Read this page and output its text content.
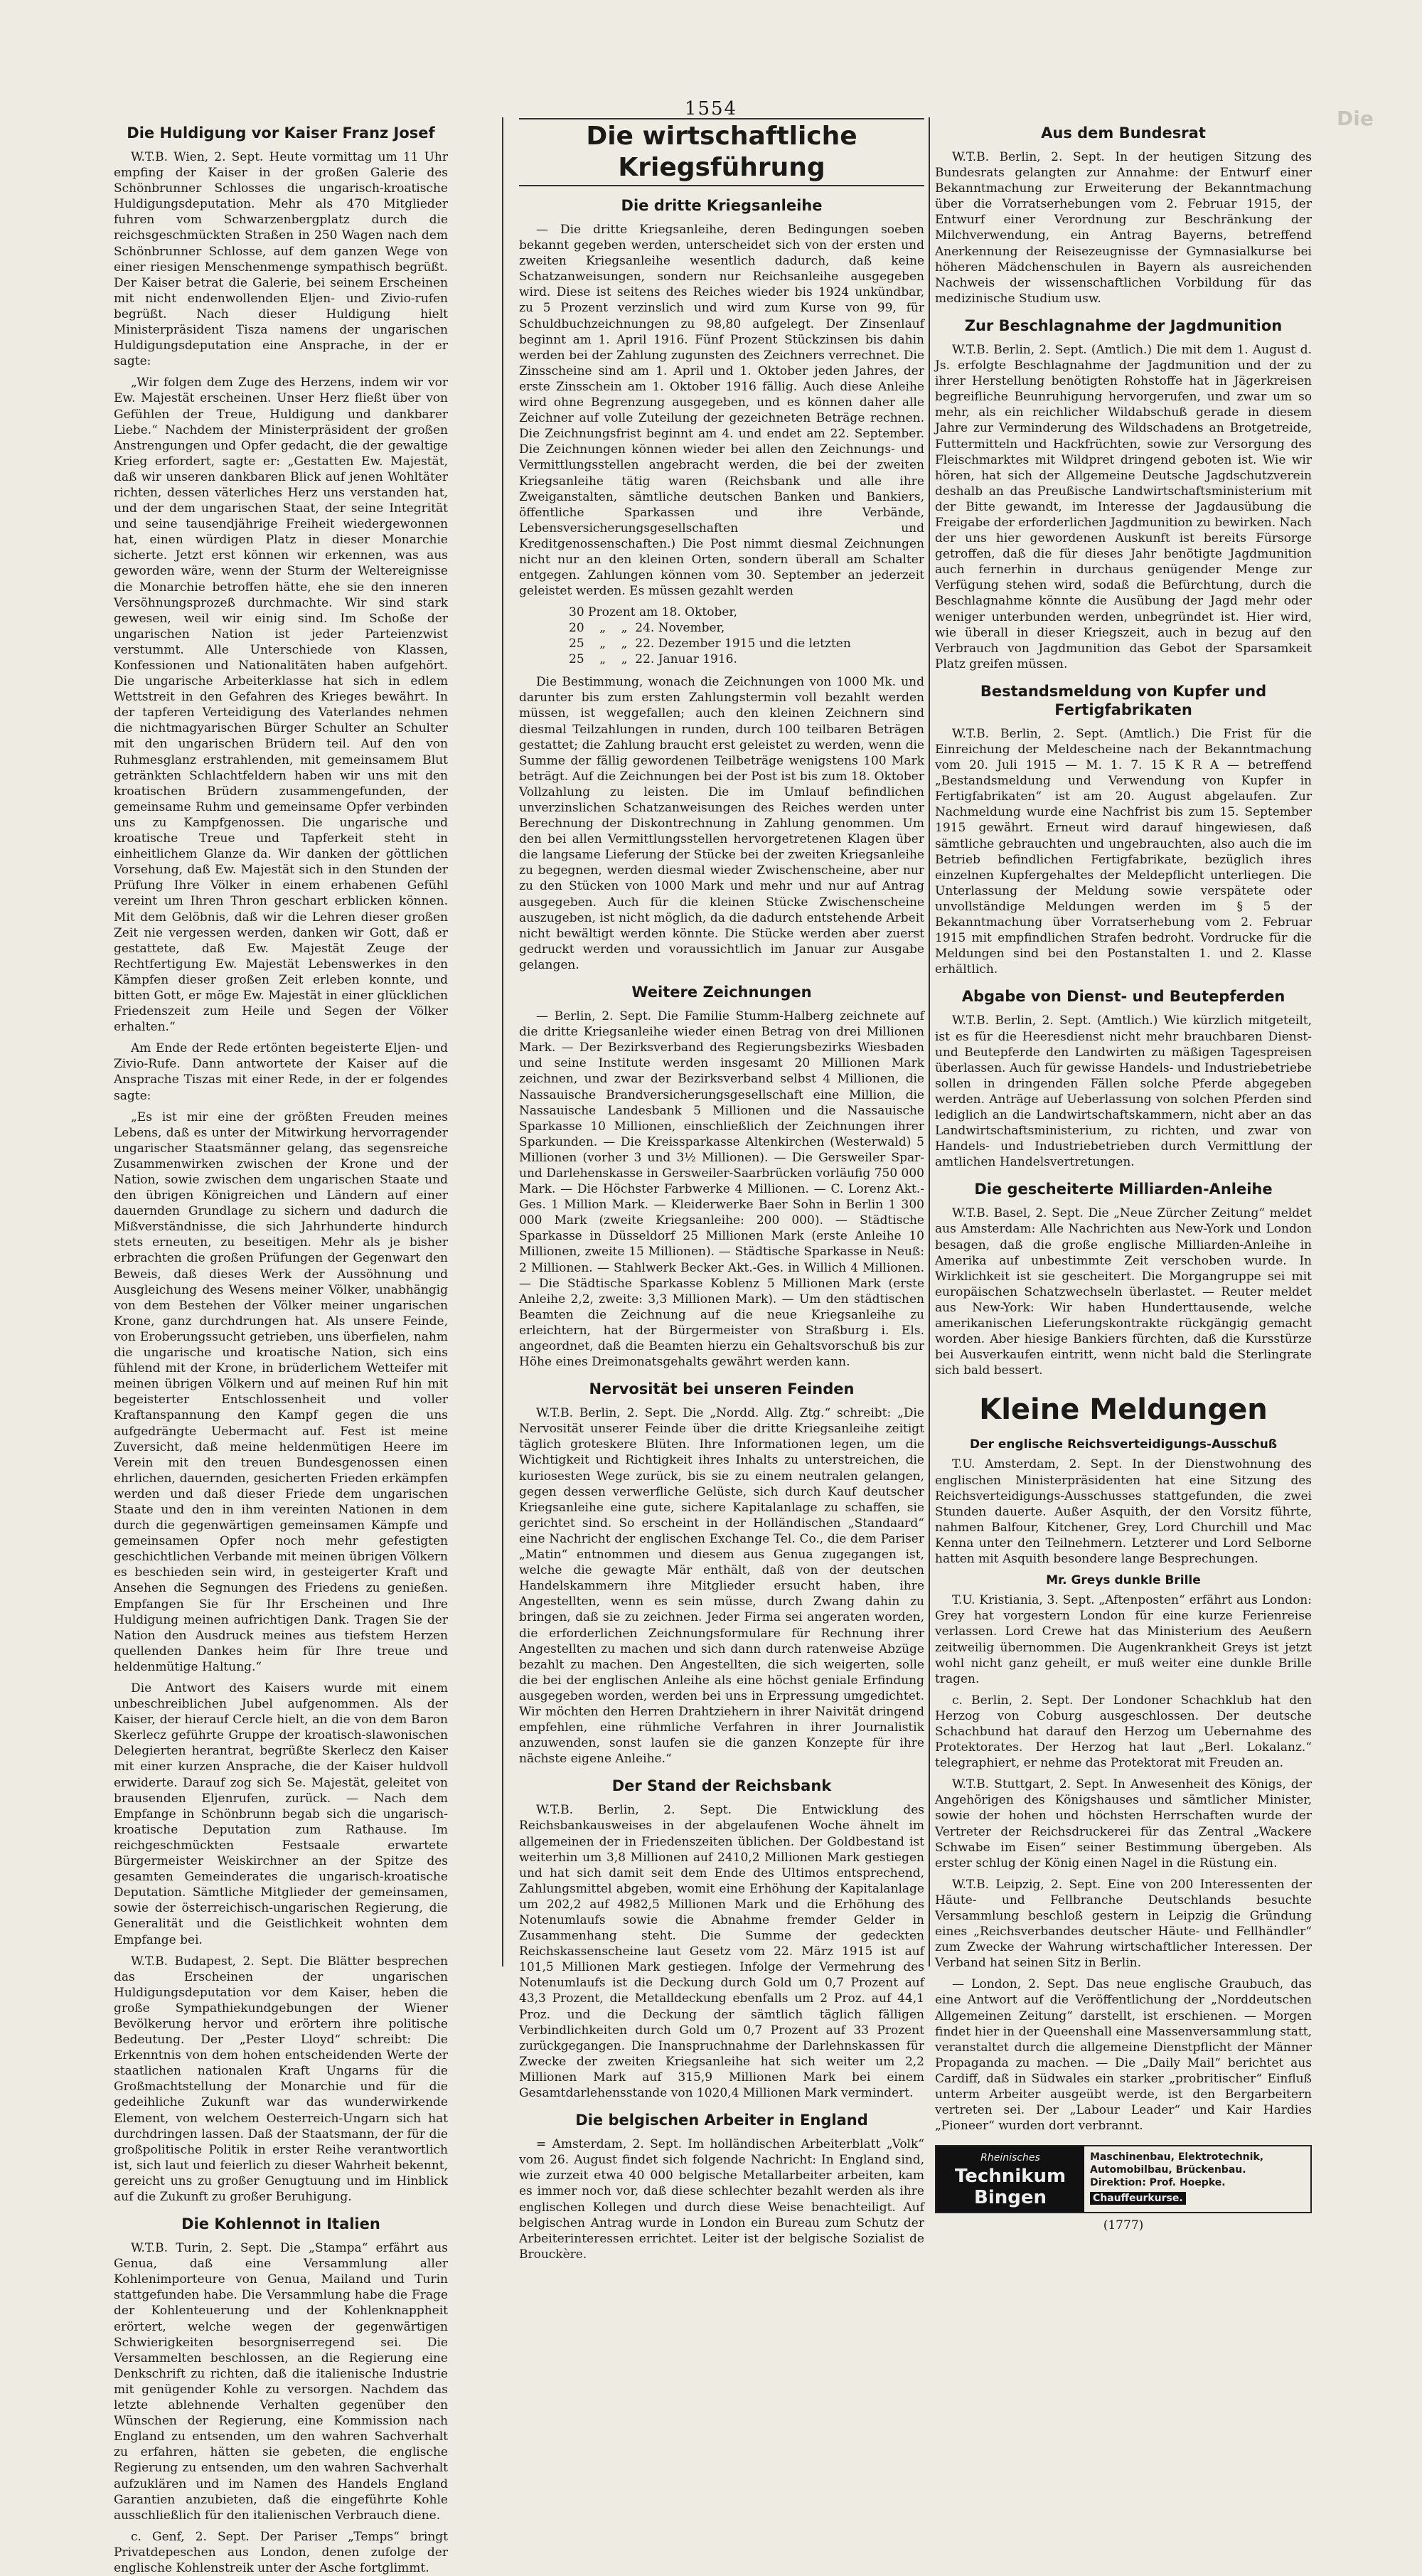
Die
1554
Die Huldigung vor Kaiser Franz Josef

W.T.B. Wien, 2. Sept. Heute vormittag um 11 Uhr empfing der Kaiser in der großen Galerie des Schönbrunner Schlosses die ungarisch-kroatische Huldigungsdeputation. Mehr als 470 Mitglieder fuhren vom Schwarzenbergplatz durch die reichsgeschmückten Straßen in 250 Wagen nach dem Schönbrunner Schlosse, auf dem ganzen Wege von einer riesigen Menschenmenge sympathisch begrüßt. Der Kaiser betrat die Galerie, bei seinem Erscheinen mit nicht endenwollenden Eljen- und Zivio-rufen begrüßt. Nach dieser Huldigung hielt Ministerpräsident Tisza namens der ungarischen Huldigungsdeputation eine Ansprache, in der er sagte:

„Wir folgen dem Zuge des Herzens, indem wir vor Ew. Majestät erscheinen. Unser Herz fließt über von Gefühlen der Treue, Huldigung und dankbarer Liebe.“ Nachdem der Ministerpräsident der großen Anstrengungen und Opfer gedacht, die der gewaltige Krieg erfordert, sagte er: „Gestatten Ew. Majestät, daß wir unseren dankbaren Blick auf jenen Wohltäter richten, dessen väterliches Herz uns verstanden hat, und der dem ungarischen Staat, der seine Integrität und seine tausendjährige Freiheit wiedergewonnen hat, einen würdigen Platz in dieser Monarchie sicherte. Jetzt erst können wir erkennen, was aus geworden wäre, wenn der Sturm der Weltereignisse die Monarchie betroffen hätte, ehe sie den inneren Versöhnungsprozeß durchmachte. Wir sind stark gewesen, weil wir einig sind. Im Schoße der ungarischen Nation ist jeder Parteienzwist verstummt. Alle Unterschiede von Klassen, Konfessionen und Nationalitäten haben aufgehört. Die ungarische Arbeiterklasse hat sich in edlem Wettstreit in den Gefahren des Krieges bewährt. In der tapferen Verteidigung des Vaterlandes nehmen die nichtmagyarischen Bürger Schulter an Schulter mit den ungarischen Brüdern teil. Auf den von Ruhmesglanz erstrahlenden, mit gemeinsamem Blut getränkten Schlachtfeldern haben wir uns mit den kroatischen Brüdern zusammengefunden, der gemeinsame Ruhm und gemeinsame Opfer verbinden uns zu Kampfgenossen. Die ungarische und kroatische Treue und Tapferkeit steht in einheitlichem Glanze da. Wir danken der göttlichen Vorsehung, daß Ew. Majestät sich in den Stunden der Prüfung Ihre Völker in einem erhabenen Gefühl vereint um Ihren Thron geschart erblicken können. Mit dem Gelöbnis, daß wir die Lehren dieser großen Zeit nie vergessen werden, danken wir Gott, daß er gestattete, daß Ew. Majestät Zeuge der Rechtfertigung Ew. Majestät Lebenswerkes in den Kämpfen dieser großen Zeit erleben konnte, und bitten Gott, er möge Ew. Majestät in einer glücklichen Friedenszeit zum Heile und Segen der Völker erhalten.“

Am Ende der Rede ertönten begeisterte Eljen- und Zivio-Rufe. Dann antwortete der Kaiser auf die Ansprache Tiszas mit einer Rede, in der er folgendes sagte:

„Es ist mir eine der größten Freuden meines Lebens, daß es unter der Mitwirkung hervorragender ungarischer Staatsmänner gelang, das segensreiche Zusammenwirken zwischen der Krone und der Nation, sowie zwischen dem ungarischen Staate und den übrigen Königreichen und Ländern auf einer dauernden Grundlage zu sichern und dadurch die Mißverständnisse, die sich Jahrhunderte hindurch stets erneuten, zu beseitigen. Mehr als je bisher erbrachten die großen Prüfungen der Gegenwart den Beweis, daß dieses Werk der Aussöhnung und Ausgleichung des Wesens meiner Völker, unabhängig von dem Bestehen der Völker meiner ungarischen Krone, ganz durchdrungen hat. Als unsere Feinde, von Eroberungssucht getrieben, uns überfielen, nahm die ungarische und kroatische Nation, sich eins fühlend mit der Krone, in brüderlichem Wetteifer mit meinen übrigen Völkern und auf meinen Ruf hin mit begeisterter Entschlossenheit und voller Kraftanspannung den Kampf gegen die uns aufgedrängte Uebermacht auf. Fest ist meine Zuversicht, daß meine heldenmütigen Heere im Verein mit den treuen Bundesgenossen einen ehrlichen, dauernden, gesicherten Frieden erkämpfen werden und daß dieser Friede dem ungarischen Staate und den in ihm vereinten Nationen in dem durch die gegenwärtigen gemeinsamen Kämpfe und gemeinsamen Opfer noch mehr gefestigten geschichtlichen Verbande mit meinen übrigen Völkern es beschieden sein wird, in gesteigerter Kraft und Ansehen die Segnungen des Friedens zu genießen. Empfangen Sie für Ihr Erscheinen und Ihre Huldigung meinen aufrichtigen Dank. Tragen Sie der Nation den Ausdruck meines aus tiefstem Herzen quellenden Dankes heim für Ihre treue und heldenmütige Haltung.“

Die Antwort des Kaisers wurde mit einem unbeschreiblichen Jubel aufgenommen. Als der Kaiser, der hierauf Cercle hielt, an die von dem Baron Skerlecz geführte Gruppe der kroatisch-slawonischen Delegierten herantrat, begrüßte Skerlecz den Kaiser mit einer kurzen Ansprache, die der Kaiser huldvoll erwiderte. Darauf zog sich Se. Majestät, geleitet von brausenden Eljenrufen, zurück. — Nach dem Empfange in Schönbrunn begab sich die ungarisch-kroatische Deputation zum Rathause. Im reichgeschmückten Festsaale erwartete Bürgermeister Weiskirchner an der Spitze des gesamten Gemeinderates die ungarisch-kroatische Deputation. Sämtliche Mitglieder der gemeinsamen, sowie der österreichisch-ungarischen Regierung, die Generalität und die Geistlichkeit wohnten dem Empfange bei.

W.T.B. Budapest, 2. Sept. Die Blätter besprechen das Erscheinen der ungarischen Huldigungsdeputation vor dem Kaiser, heben die große Sympathiekundgebungen der Wiener Bevölkerung hervor und erörtern ihre politische Bedeutung. Der „Pester Lloyd“ schreibt: Die Erkenntnis von dem hohen entscheidenden Werte der staatlichen nationalen Kraft Ungarns für die Großmachtstellung der Monarchie und für die gedeihliche Zukunft war das wunderwirkende Element, von welchem Oesterreich-Ungarn sich hat durchdringen lassen. Daß der Staatsmann, der für die großpolitische Politik in erster Reihe verantwortlich ist, sich laut und feierlich zu dieser Wahrheit bekennt, gereicht uns zu großer Genugtuung und im Hinblick auf die Zukunft zu großer Beruhigung.

Die Kohlennot in Italien

W.T.B. Turin, 2. Sept. Die „Stampa“ erfährt aus Genua, daß eine Versammlung aller Kohlenimporteure von Genua, Mailand und Turin stattgefunden habe. Die Versammlung habe die Frage der Kohlenteuerung und der Kohlenknappheit erörtert, welche wegen der gegenwärtigen Schwierigkeiten besorgniserregend sei. Die Versammelten beschlossen, an die Regierung eine Denkschrift zu richten, daß die italienische Industrie mit genügender Kohle zu versorgen. Nachdem das letzte ablehnende Verhalten gegenüber den Wünschen der Regierung, eine Kommission nach England zu entsenden, um den wahren Sachverhalt zu erfahren, hätten sie gebeten, die englische Regierung zu entsenden, um den wahren Sachverhalt aufzuklären und im Namen des Handels England Garantien anzubieten, daß die eingeführte Kohle ausschließlich für den italienischen Verbrauch diene.

c. Genf, 2. Sept. Der Pariser „Temps“ bringt Privatdepeschen aus London, denen zufolge der englische Kohlenstreik unter der Asche fortglimmt.

Die wirtschaftliche Kriegsführung
Die dritte Kriegsanleihe

— Die dritte Kriegsanleihe, deren Bedingungen soeben bekannt gegeben werden, unterscheidet sich von der ersten und zweiten Kriegsanleihe wesentlich dadurch, daß keine Schatzanweisungen, sondern nur Reichsanleihe ausgegeben wird. Diese ist seitens des Reiches wieder bis 1924 unkündbar, zu 5 Prozent verzinslich und wird zum Kurse von 99, für Schuldbuchzeichnungen zu 98,80 aufgelegt. Der Zinsenlauf beginnt am 1. April 1916. Fünf Prozent Stückzinsen bis dahin werden bei der Zahlung zugunsten des Zeichners verrechnet. Die Zinsscheine sind am 1. April und 1. Oktober jeden Jahres, der erste Zinsschein am 1. Oktober 1916 fällig. Auch diese Anleihe wird ohne Begrenzung ausgegeben, und es können daher alle Zeichner auf volle Zuteilung der gezeichneten Beträge rechnen. Die Zeichnungsfrist beginnt am 4. und endet am 22. September. Die Zeichnungen können wieder bei allen den Zeichnungs- und Vermittlungsstellen angebracht werden, die bei der zweiten Kriegsanleihe tätig waren (Reichsbank und alle ihre Zweiganstalten, sämtliche deutschen Banken und Bankiers, öffentliche Sparkassen und ihre Verbände, Lebensversicherungsgesellschaften und Kreditgenossenschaften.) Die Post nimmt diesmal Zeichnungen nicht nur an den kleinen Orten, sondern überall am Schalter entgegen. Zahlungen können vom 30. September an jederzeit geleistet werden. Es müssen gezahlt werden

30 Prozent am 18. Oktober,
20    „    „  24. November,
25    „    „  22. Dezember 1915 und die letzten
25    „    „  22. Januar 1916.

Die Bestimmung, wonach die Zeichnungen von 1000 Mk. und darunter bis zum ersten Zahlungstermin voll bezahlt werden müssen, ist weggefallen; auch den kleinen Zeichnern sind diesmal Teilzahlungen in runden, durch 100 teilbaren Beträgen gestattet; die Zahlung braucht erst geleistet zu werden, wenn die Summe der fällig gewordenen Teilbeträge wenigstens 100 Mark beträgt. Auf die Zeichnungen bei der Post ist bis zum 18. Oktober Vollzahlung zu leisten. Die im Umlauf befindlichen unverzinslichen Schatzanweisungen des Reiches werden unter Berechnung der Diskontrechnung in Zahlung genommen. Um den bei allen Vermittlungsstellen hervorgetretenen Klagen über die langsame Lieferung der Stücke bei der zweiten Kriegsanleihe zu begegnen, werden diesmal wieder Zwischenscheine, aber nur zu den Stücken von 1000 Mark und mehr und nur auf Antrag ausgegeben. Auch für die kleinen Stücke Zwischenscheine auszugeben, ist nicht möglich, da die dadurch entstehende Arbeit nicht bewältigt werden könnte. Die Stücke werden aber zuerst gedruckt werden und voraussichtlich im Januar zur Ausgabe gelangen.

Weitere Zeichnungen

— Berlin, 2. Sept. Die Familie Stumm-Halberg zeichnete auf die dritte Kriegsanleihe wieder einen Betrag von drei Millionen Mark. — Der Bezirksverband des Regierungsbezirks Wiesbaden und seine Institute werden insgesamt 20 Millionen Mark zeichnen, und zwar der Bezirksverband selbst 4 Millionen, die Nassauische Brandversicherungsgesellschaft eine Million, die Nassauische Landesbank 5 Millionen und die Nassauische Sparkasse 10 Millionen, einschließlich der Zeichnungen ihrer Sparkunden. — Die Kreissparkasse Altenkirchen (Westerwald) 5 Millionen (vorher 3 und 3½ Millionen). — Die Gersweiler Spar- und Darlehenskasse in Gersweiler-Saarbrücken vorläufig 750 000 Mark. — Die Höchster Farbwerke 4 Millionen. — C. Lorenz Akt.-Ges. 1 Million Mark. — Kleiderwerke Baer Sohn in Berlin 1 300 000 Mark (zweite Kriegsanleihe: 200 000). — Städtische Sparkasse in Düsseldorf 25 Millionen Mark (erste Anleihe 10 Millionen, zweite 15 Millionen). — Städtische Sparkasse in Neuß: 2 Millionen. — Stahlwerk Becker Akt.-Ges. in Willich 4 Millionen. — Die Städtische Sparkasse Koblenz 5 Millionen Mark (erste Anleihe 2,2, zweite: 3,3 Millionen Mark). — Um den städtischen Beamten die Zeichnung auf die neue Kriegsanleihe zu erleichtern, hat der Bürgermeister von Straßburg i. Els. angeordnet, daß die Beamten hierzu ein Gehaltsvorschuß bis zur Höhe eines Dreimonatsgehalts gewährt werden kann.

Nervosität bei unseren Feinden

W.T.B. Berlin, 2. Sept. Die „Nordd. Allg. Ztg.“ schreibt: „Die Nervosität unserer Feinde über die dritte Kriegsanleihe zeitigt täglich groteskere Blüten. Ihre Informationen legen, um die Wichtigkeit und Richtigkeit ihres Inhalts zu unterstreichen, die kuriosesten Wege zurück, bis sie zu einem neutralen gelangen, gegen dessen verwerfliche Gelüste, sich durch Kauf deutscher Kriegsanleihe eine gute, sichere Kapitalanlage zu schaffen, sie gerichtet sind. So erscheint in der Holländischen „Standaard“ eine Nachricht der englischen Exchange Tel. Co., die dem Pariser „Matin“ entnommen und diesem aus Genua zugegangen ist, welche die gewagte Mär enthält, daß von der deutschen Handelskammern ihre Mitglieder ersucht haben, ihre Angestellten, wenn es sein müsse, durch Zwang dahin zu bringen, daß sie zu zeichnen. Jeder Firma sei angeraten worden, die erforderlichen Zeichnungsformulare für Rechnung ihrer Angestellten zu machen und sich dann durch ratenweise Abzüge bezahlt zu machen. Den Angestellten, die sich weigerten, solle die bei der englischen Anleihe als eine höchst geniale Erfindung ausgegeben worden, werden bei uns in Erpressung umgedichtet. Wir möchten den Herren Drahtziehern in ihrer Naivität dringend empfehlen, eine rühmliche Verfahren in ihrer Journalistik anzuwenden, sonst laufen sie die ganzen Konzepte für ihre nächste eigene Anleihe.“

Der Stand der Reichsbank

W.T.B. Berlin, 2. Sept. Die Entwicklung des Reichsbankausweises in der abgelaufenen Woche ähnelt im allgemeinen der in Friedenszeiten üblichen. Der Goldbestand ist weiterhin um 3,8 Millionen auf 2410,2 Millionen Mark gestiegen und hat sich damit seit dem Ende des Ultimos entsprechend, Zahlungsmittel abgeben, womit eine Erhöhung der Kapitalanlage um 202,2 auf 4982,5 Millionen Mark und die Erhöhung des Notenumlaufs sowie die Abnahme fremder Gelder in Zusammenhang steht. Die Summe der gedeckten Reichskassenscheine laut Gesetz vom 22. März 1915 ist auf 101,5 Millionen Mark gestiegen. Infolge der Vermehrung des Notenumlaufs ist die Deckung durch Gold um 0,7 Prozent auf 43,3 Prozent, die Metalldeckung ebenfalls um 2 Proz. auf 44,1 Proz. und die Deckung der sämtlich täglich fälligen Verbindlichkeiten durch Gold um 0,7 Prozent auf 33 Prozent zurückgegangen. Die Inanspruchnahme der Darlehnskassen für Zwecke der zweiten Kriegsanleihe hat sich weiter um 2,2 Millionen Mark auf 315,9 Millionen Mark bei einem Gesamtdarlehensstande von 1020,4 Millionen Mark vermindert.

Die belgischen Arbeiter in England

= Amsterdam, 2. Sept. Im holländischen Arbeiterblatt „Volk“ vom 26. August findet sich folgende Nachricht: In England sind, wie zurzeit etwa 40 000 belgische Metallarbeiter arbeiten, kam es immer noch vor, daß diese schlechter bezahlt werden als ihre englischen Kollegen und durch diese Weise benachteiligt. Auf belgischen Antrag wurde in London ein Bureau zum Schutz der Arbeiterinteressen errichtet. Leiter ist der belgische Sozialist de Brouckère.

Aus dem Bundesrat

W.T.B. Berlin, 2. Sept. In der heutigen Sitzung des Bundesrats gelangten zur Annahme: der Entwurf einer Bekanntmachung zur Erweiterung der Bekanntmachung über die Vorratserhebungen vom 2. Februar 1915, der Entwurf einer Verordnung zur Beschränkung der Milchverwendung, ein Antrag Bayerns, betreffend Anerkennung der Reisezeugnisse der Gymnasialkurse bei höheren Mädchenschulen in Bayern als ausreichenden Nachweis der wissenschaftlichen Vorbildung für das medizinische Studium usw.

Zur Beschlagnahme der Jagdmunition

W.T.B. Berlin, 2. Sept. (Amtlich.) Die mit dem 1. August d. Js. erfolgte Beschlagnahme der Jagdmunition und der zu ihrer Herstellung benötigten Rohstoffe hat in Jägerkreisen begreifliche Beunruhigung hervorgerufen, und zwar um so mehr, als ein reichlicher Wildabschuß gerade in diesem Jahre zur Verminderung des Wildschadens an Brotgetreide, Futtermitteln und Hackfrüchten, sowie zur Versorgung des Fleischmarktes mit Wildpret dringend geboten ist. Wie wir hören, hat sich der Allgemeine Deutsche Jagdschutzverein deshalb an das Preußische Landwirtschaftsministerium mit der Bitte gewandt, im Interesse der Jagdausübung die Freigabe der erforderlichen Jagdmunition zu bewirken. Nach der uns hier gewordenen Auskunft ist bereits Fürsorge getroffen, daß die für dieses Jahr benötigte Jagdmunition auch fernerhin in durchaus genügender Menge zur Verfügung stehen wird, sodaß die Befürchtung, durch die Beschlagnahme könnte die Ausübung der Jagd mehr oder weniger unterbunden werden, unbegründet ist. Hier wird, wie überall in dieser Kriegszeit, auch in bezug auf den Verbrauch von Jagdmunition das Gebot der Sparsamkeit Platz greifen müssen.

Bestandsmeldung von Kupfer und Fertigfabrikaten

W.T.B. Berlin, 2. Sept. (Amtlich.) Die Frist für die Einreichung der Meldescheine nach der Bekanntmachung vom 20. Juli 1915 — M. 1. 7. 15 K R A — betreffend „Bestandsmeldung und Verwendung von Kupfer in Fertigfabrikaten“ ist am 20. August abgelaufen. Zur Nachmeldung wurde eine Nachfrist bis zum 15. September 1915 gewährt. Erneut wird darauf hingewiesen, daß sämtliche gebrauchten und ungebrauchten, also auch die im Betrieb befindlichen Fertigfabrikate, bezüglich ihres einzelnen Kupfergehaltes der Meldepflicht unterliegen. Die Unterlassung der Meldung sowie verspätete oder unvollständige Meldungen werden im § 5 der Bekanntmachung über Vorratserhebung vom 2. Februar 1915 mit empfindlichen Strafen bedroht. Vordrucke für die Meldungen sind bei den Postanstalten 1. und 2. Klasse erhältlich.

Abgabe von Dienst- und Beutepferden

W.T.B. Berlin, 2. Sept. (Amtlich.) Wie kürzlich mitgeteilt, ist es für die Heeresdienst nicht mehr brauchbaren Dienst- und Beutepferde den Landwirten zu mäßigen Tagespreisen überlassen. Auch für gewisse Handels- und Industriebetriebe sollen in dringenden Fällen solche Pferde abgegeben werden. Anträge auf Ueberlassung von solchen Pferden sind lediglich an die Landwirtschaftskammern, nicht aber an das Landwirtschaftsministerium, zu richten, und zwar von Handels- und Industriebetrieben durch Vermittlung der amtlichen Handelsvertretungen.

Die gescheiterte Milliarden-Anleihe

W.T.B. Basel, 2. Sept. Die „Neue Zürcher Zeitung“ meldet aus Amsterdam: Alle Nachrichten aus New-York und London besagen, daß die große englische Milliarden-Anleihe in Amerika auf unbestimmte Zeit verschoben wurde. In Wirklichkeit ist sie gescheitert. Die Morgangruppe sei mit europäischen Schatzwechseln überlastet. — Reuter meldet aus New-York: Wir haben Hunderttausende, welche amerikanischen Lieferungskontrakte rückgängig gemacht worden. Aber hiesige Bankiers fürchten, daß die Kursstürze bei Ausverkaufen eintritt, wenn nicht bald die Sterlingrate sich bald bessert.

Kleine Meldungen
Der englische Reichsverteidigungs-Ausschuß

T.U. Amsterdam, 2. Sept. In der Dienstwohnung des englischen Ministerpräsidenten hat eine Sitzung des Reichsverteidigungs-Ausschusses stattgefunden, die zwei Stunden dauerte. Außer Asquith, der den Vorsitz führte, nahmen Balfour, Kitchener, Grey, Lord Churchill und Mac Kenna unter den Teilnehmern. Letzterer und Lord Selborne hatten mit Asquith besondere lange Besprechungen.

Mr. Greys dunkle Brille

T.U. Kristiania, 3. Sept. „Aftenposten“ erfährt aus London: Grey hat vorgestern London für eine kurze Ferienreise verlassen. Lord Crewe hat das Ministerium des Aeußern zeitweilig übernommen. Die Augenkrankheit Greys ist jetzt wohl nicht ganz geheilt, er muß weiter eine dunkle Brille tragen.

c. Berlin, 2. Sept. Der Londoner Schachklub hat den Herzog von Coburg ausgeschlossen. Der deutsche Schachbund hat darauf den Herzog um Uebernahme des Protektorates. Der Herzog hat laut „Berl. Lokalanz.“ telegraphiert, er nehme das Protektorat mit Freuden an.

W.T.B. Stuttgart, 2. Sept. In Anwesenheit des Königs, der Angehörigen des Königshauses und sämtlicher Minister, sowie der hohen und höchsten Herrschaften wurde der Vertreter der Reichsdruckerei für das Zentral „Wackere Schwabe im Eisen“ seiner Bestimmung übergeben. Als erster schlug der König einen Nagel in die Rüstung ein.

W.T.B. Leipzig, 2. Sept. Eine von 200 Interessenten der Häute- und Fellbranche Deutschlands besuchte Versammlung beschloß gestern in Leipzig die Gründung eines „Reichsverbandes deutscher Häute- und Fellhändler“ zum Zwecke der Wahrung wirtschaftlicher Interessen. Der Verband hat seinen Sitz in Berlin.

— London, 2. Sept. Das neue englische Graubuch, das eine Antwort auf die Veröffentlichung der „Norddeutschen Allgemeinen Zeitung“ darstellt, ist erschienen. — Morgen findet hier in der Queenshall eine Massenversammlung statt, veranstaltet durch die allgemeine Dienstpflicht der Männer Propaganda zu machen. — Die „Daily Mail“ berichtet aus Cardiff, daß in Südwales ein starker „probritischer“ Einfluß unterm Arbeiter ausgeübt werde, ist den Bergarbeitern vertreten sei. Der „Labour Leader“ und Kair Hardies „Pioneer“ wurden dort verbrannt.

Rheinisches
Technikum Bingen
Maschinenbau, Elektrotechnik,
Automobilbau, Brückenbau.
Direktion: Prof. Hoepke.
Chauffeurkurse.
(1777)
